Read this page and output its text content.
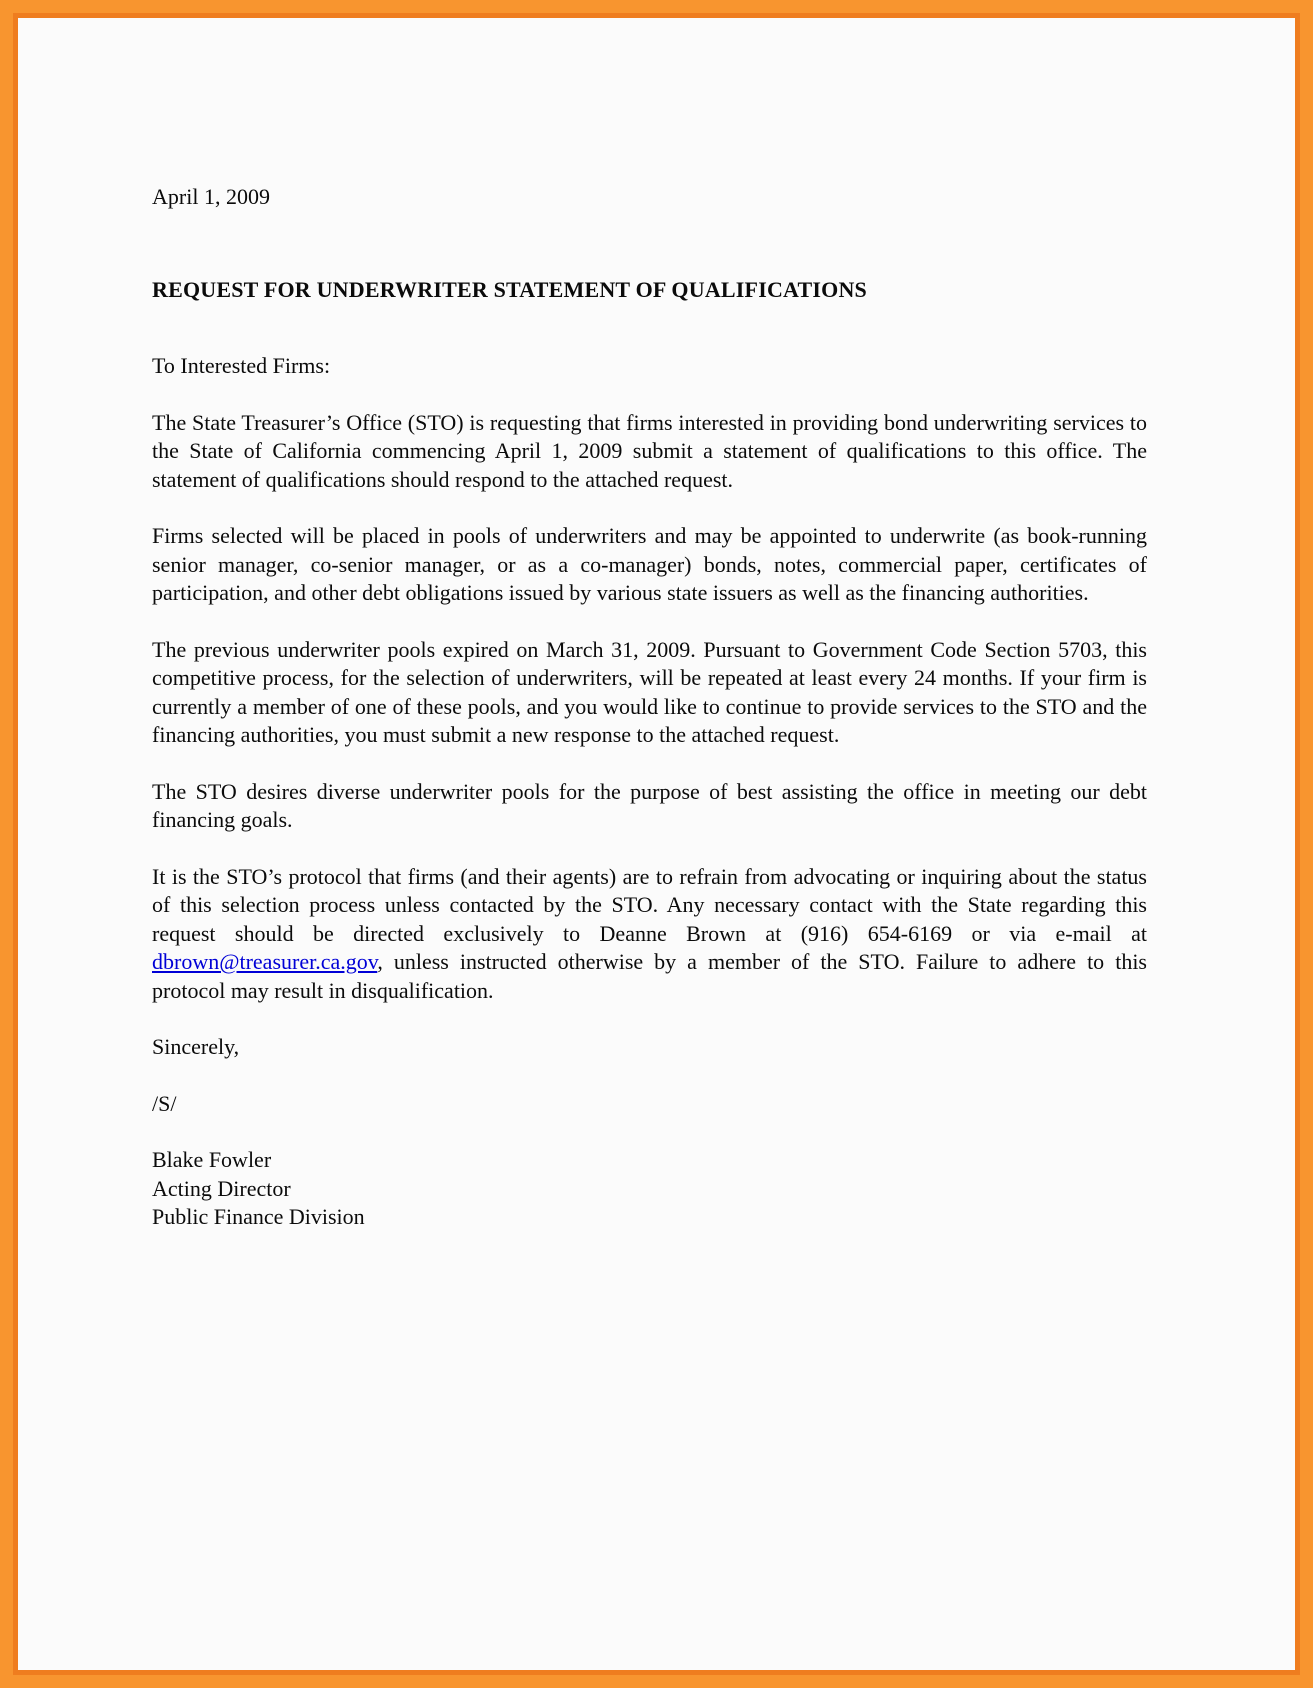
April 1, 2009

REQUEST FOR UNDERWRITER STATEMENT OF QUALIFICATIONS

To Interested Firms:

The State Treasurer’s Office (STO) is requesting that firms interested in providing bond underwriting services to the State of California commencing April 1, 2009 submit a statement of qualifications to this office. The statement of qualifications should respond to the attached request.

Firms selected will be placed in pools of underwriters and may be appointed to underwrite (as book-running senior manager, co-senior manager, or as a co-manager) bonds, notes, commercial paper, certificates of participation, and other debt obligations issued by various state issuers as well as the financing authorities.

The previous underwriter pools expired on March 31, 2009. Pursuant to Government Code Section 5703, this competitive process, for the selection of underwriters, will be repeated at least every 24 months. If your firm is currently a member of one of these pools, and you would like to continue to provide services to the STO and the financing authorities, you must submit a new response to the attached request.

The STO desires diverse underwriter pools for the purpose of best assisting the office in meeting our debt financing goals.

It is the STO’s protocol that firms (and their agents) are to refrain from advocating or inquiring about the status of this selection process unless contacted by the STO. Any necessary contact with the State regarding this request should be directed exclusively to Deanne Brown at (916) 654-6169 or via e-mail at dbrown@treasurer.ca.gov, unless instructed otherwise by a member of the STO. Failure to adhere to this protocol may result in disqualification.

Sincerely,

/S/

Blake Fowler

Acting Director

Public Finance Division
